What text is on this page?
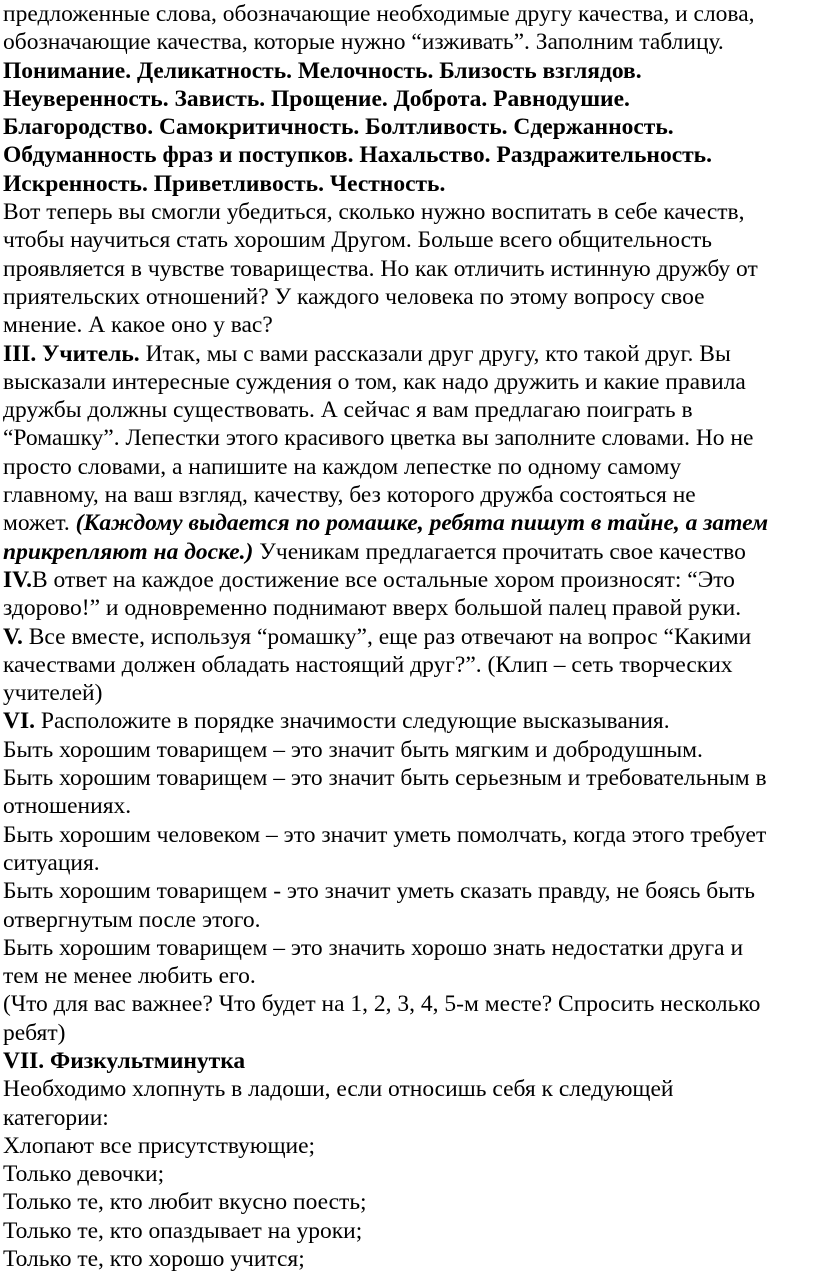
предложенные слова, обозначающие необходимые другу качества, и слова,

обозначающие качества, которые нужно “изживать”. Заполним таблицу.

Понимание. Деликатность. Мелочность. Близость взглядов.

Неуверенность. Зависть. Прощение. Доброта. Равнодушие.

Благородство. Самокритичность. Болтливость. Сдержанность.

Обдуманность фраз и поступков. Нахальство. Раздражительность.

Искренность. Приветливость. Честность.

Вот теперь вы смогли убедиться, сколько нужно воспитать в себе качеств,

чтобы научиться стать хорошим Другом. Больше всего общительность

проявляется в чувстве товарищества. Но как отличить истинную дружбу от

приятельских отношений? У каждого человека по этому вопросу свое

мнение. А какое оно у вас?

III. Учитель. Итак, мы с вами рассказали друг другу, кто такой друг. Вы

высказали интересные суждения о том, как надо дружить и какие правила

дружбы должны существовать. А сейчас я вам предлагаю поиграть в

“Ромашку”. Лепестки этого красивого цветка вы заполните словами. Но не

просто словами, а напишите на каждом лепестке по одному самому

главному, на ваш взгляд, качеству, без которого дружба состояться не

может. (Каждому выдается по ромашке, ребята пишут в тайне, а затем

прикрепляют на доске.) Ученикам предлагается прочитать свое качество

IV.В ответ на каждое достижение все остальные хором произносят: “Это

здорово!” и одновременно поднимают вверх большой палец правой руки.

V. Все вместе, используя “ромашку”, еще раз отвечают на вопрос “Какими

качествами должен обладать настоящий друг?”. (Клип – сеть творческих

учителей)

VI. Расположите в порядке значимости следующие высказывания.

Быть хорошим товарищем – это значит быть мягким и добродушным.

Быть хорошим товарищем – это значит быть серьезным и требовательным в

отношениях.

Быть хорошим человеком – это значит уметь помолчать, когда этого требует

ситуация.

Быть хорошим товарищем - это значит уметь сказать правду, не боясь быть

отвергнутым после этого.

Быть хорошим товарищем – это значить хорошо знать недостатки друга и

тем не менее любить его.

(Что для вас важнее? Что будет на 1, 2, 3, 4, 5-м месте? Спросить несколько

ребят)

VII. Физкультминутка

Необходимо хлопнуть в ладоши, если относишь себя к следующей

категории:

Хлопают все присутствующие;

Только девочки;

Только те, кто любит вкусно поесть;

Только те, кто опаздывает на уроки;

Только те, кто хорошо учится;
